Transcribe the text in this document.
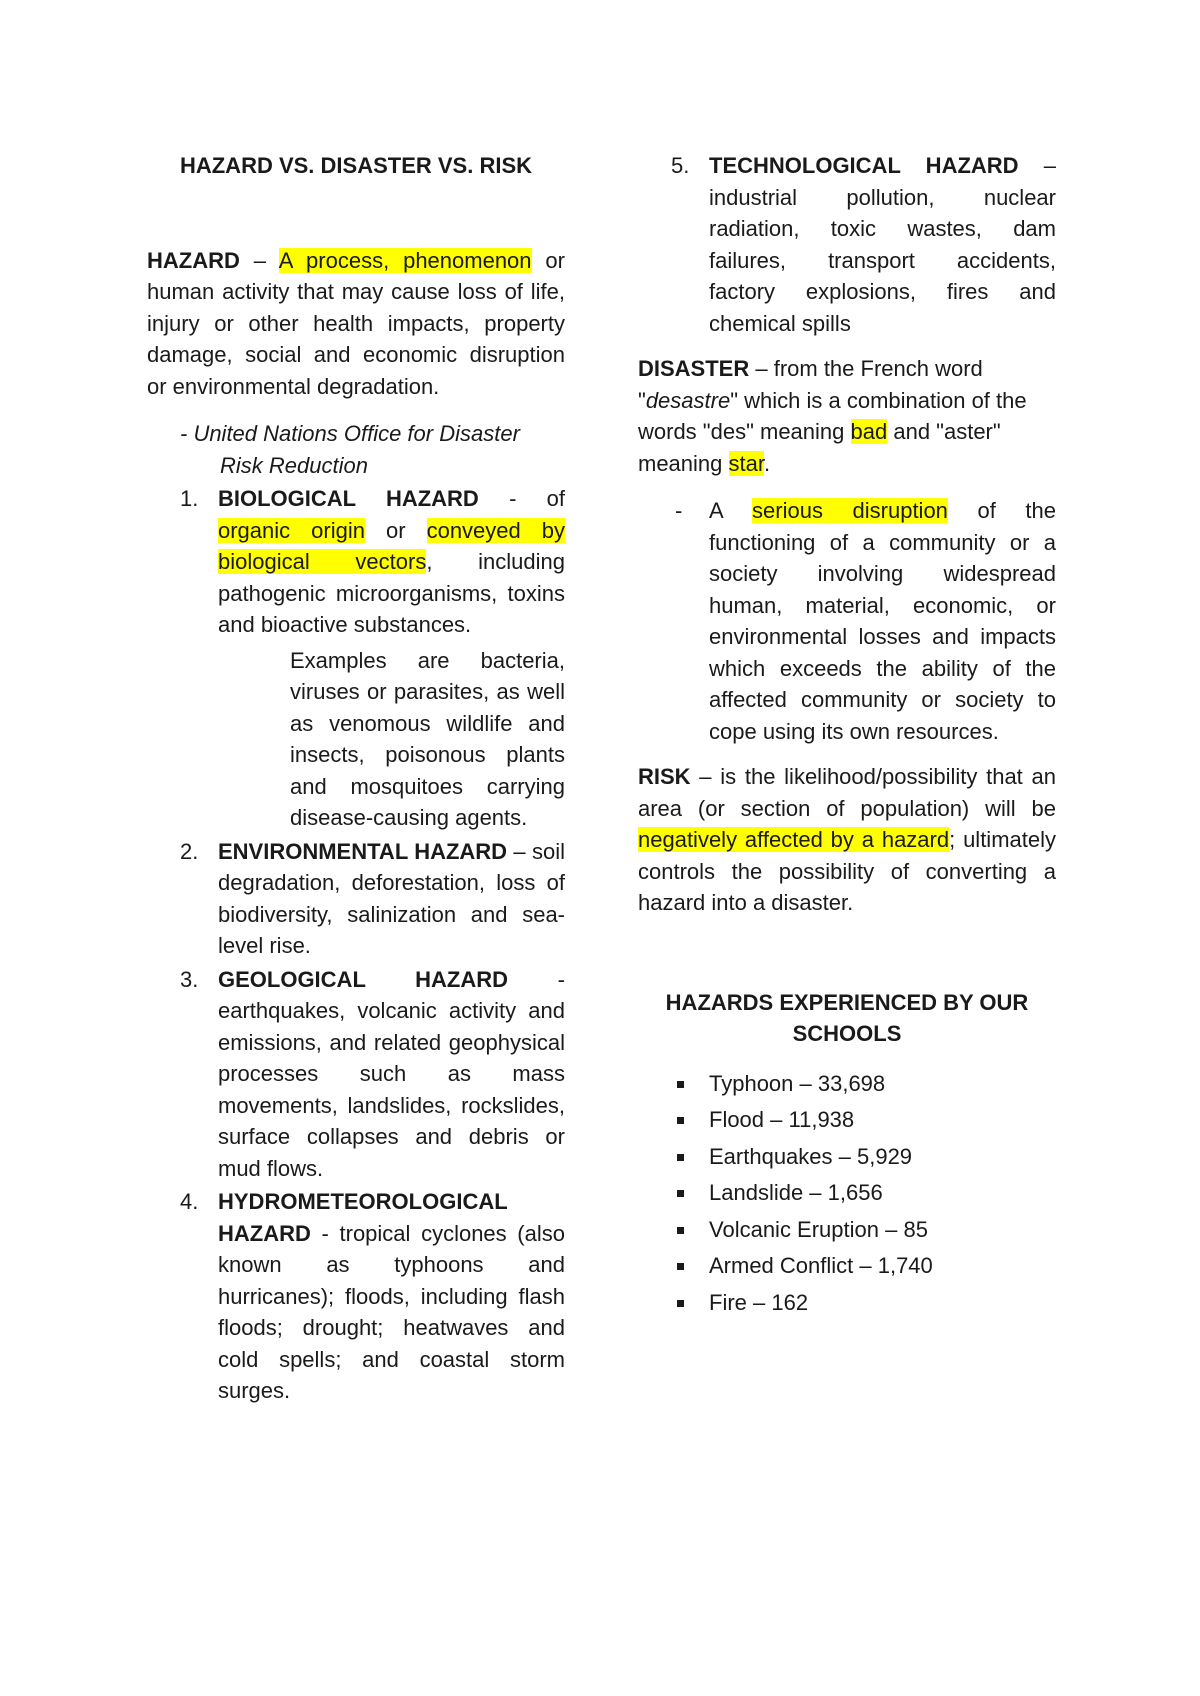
HAZARD VS. DISASTER VS. RISK

HAZARD – A process, phenomenon or human activity that may cause loss of life, injury or other health impacts, property damage, social and economic disruption or environmental degradation.

- United Nations Office for Disaster
Risk Reduction
1. BIOLOGICAL HAZARD - of organic origin or conveyed by biological vectors, including pathogenic microorganisms, toxins and bioactive substances.
Examples are bacteria, viruses or parasites, as well as venomous wildlife and insects, poisonous plants and mosquitoes carrying disease-causing agents.
2. ENVIRONMENTAL HAZARD – soil degradation, deforestation, loss of biodiversity, salinization and sea-level rise.
3. GEOLOGICAL HAZARD - earthquakes, volcanic activity and emissions, and related geophysical processes such as mass movements, landslides, rockslides, surface collapses and debris or mud flows.
4. HYDROMETEOROLOGICAL HAZARD - tropical cyclones (also known as typhoons and hurricanes); floods, including flash floods; drought; heatwaves and cold spells; and coastal storm surges.
5. TECHNOLOGICAL HAZARD – industrial pollution, nuclear radiation, toxic wastes, dam failures, transport accidents, factory explosions, fires and chemical spills

DISASTER – from the French word "desastre" which is a combination of the words "des" meaning bad and "aster" meaning star.

- A serious disruption of the functioning of a community or a society involving widespread human, material, economic, or environmental losses and impacts which exceeds the ability of the affected community or society to cope using its own resources.

RISK – is the likelihood/possibility that an area (or section of population) will be negatively affected by a hazard; ultimately controls the possibility of converting a hazard into a disaster.

HAZARDS EXPERIENCED BY OUR SCHOOLS
Typhoon – 33,698
Flood – 11,938
Earthquakes – 5,929
Landslide – 1,656
Volcanic Eruption – 85
Armed Conflict – 1,740
Fire – 162
